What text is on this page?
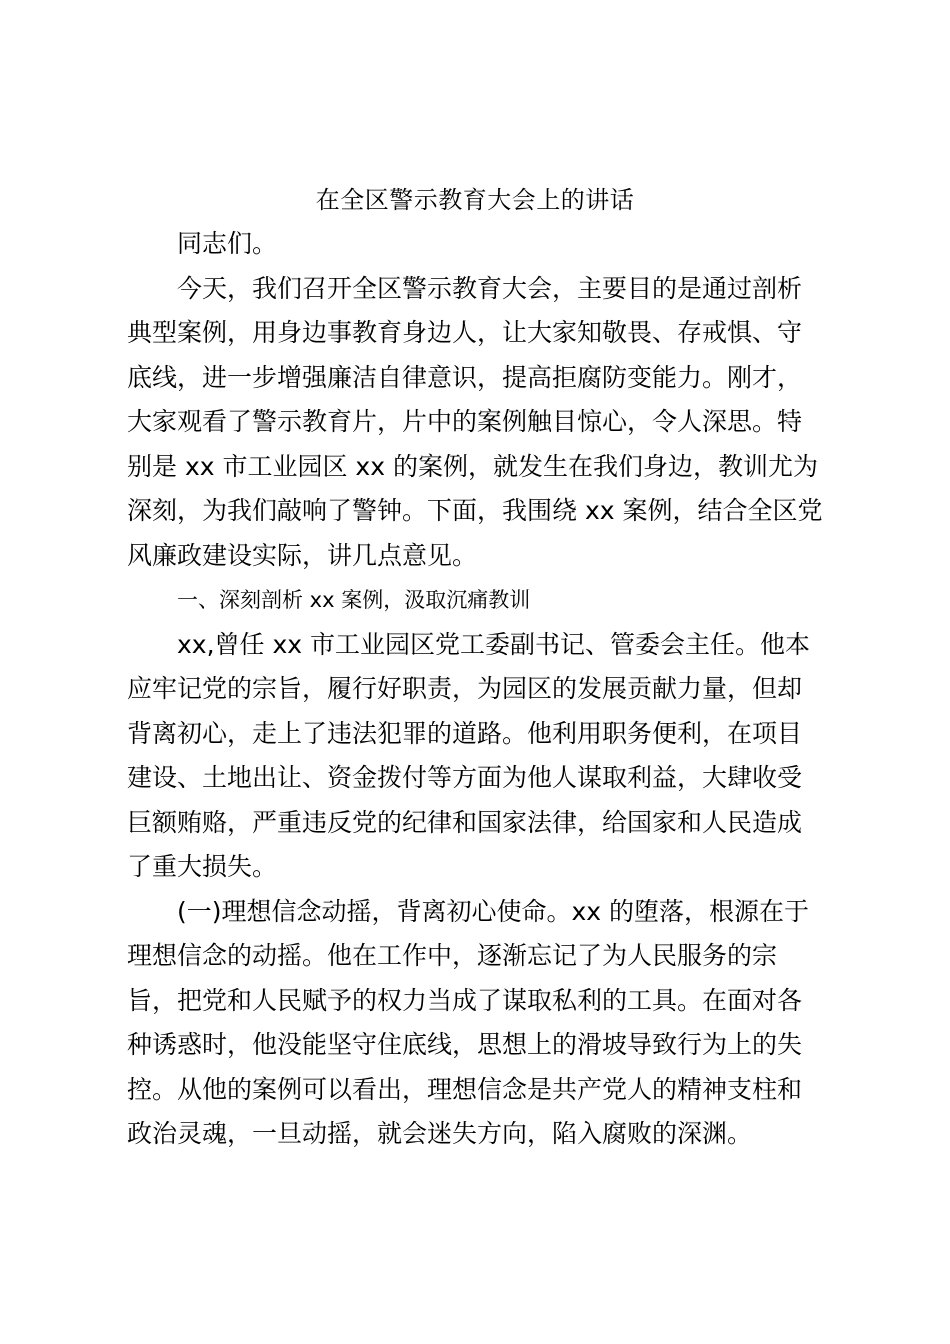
在全区警示教育大会上的讲话
同志们。
今天，我们召开全区警示教育大会，主要目的是通过剖析
典型案例，用身边事教育身边人，让大家知敬畏、存戒惧、守
底线，进一步增强廉洁自律意识，提高拒腐防变能力。刚才，
大家观看了警示教育片，片中的案例触目惊心，令人深思。特
别是 xx 市工业园区 xx 的案例，就发生在我们身边，教训尤为
深刻，为我们敲响了警钟。下面，我围绕 xx 案例，结合全区党
风廉政建设实际，讲几点意见。
一、深刻剖析 xx 案例，汲取沉痛教训
xx,曾任 xx 市工业园区党工委副书记、管委会主任。他本
应牢记党的宗旨，履行好职责，为园区的发展贡献力量，但却
背离初心，走上了违法犯罪的道路。他利用职务便利，在项目
建设、土地出让、资金拨付等方面为他人谋取利益，大肆收受
巨额贿赂，严重违反党的纪律和国家法律，给国家和人民造成
了重大损失。
(一)理想信念动摇，背离初心使命。xx 的堕落，根源在于
理想信念的动摇。他在工作中，逐渐忘记了为人民服务的宗
旨，把党和人民赋予的权力当成了谋取私利的工具。在面对各
种诱惑时，他没能坚守住底线，思想上的滑坡导致行为上的失
控。从他的案例可以看出，理想信念是共产党人的精神支柱和
政治灵魂，一旦动摇，就会迷失方向，陷入腐败的深渊。
